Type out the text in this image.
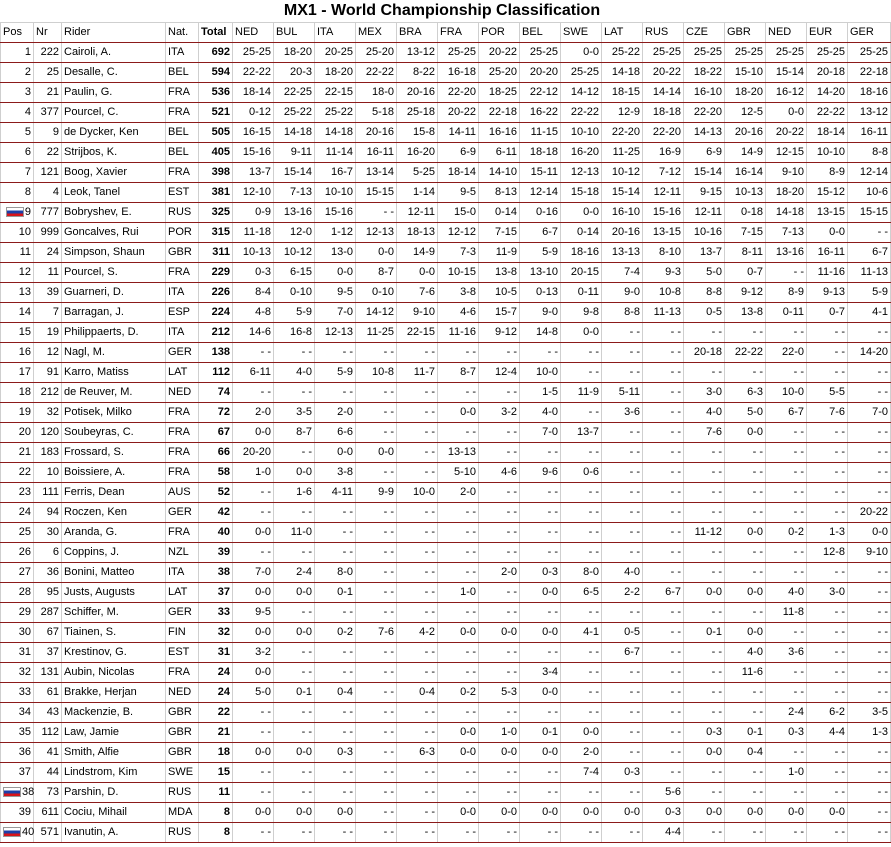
MX1 - World Championship Classification
Pos	Nr	Rider	Nat.	Total	NED	BUL	ITA	MEX	BRA	FRA	POR	BEL	SWE	LAT	RUS	CZE	GBR	NED	EUR	GER
1	222	Cairoli, A.	ITA	692	25-25	18-20	20-25	25-20	13-12	25-25	20-22	25-25	0-0	25-22	25-25	25-25	25-25	25-25	25-25	25-25
2	25	Desalle, C.	BEL	594	22-22	20-3	18-20	22-22	8-22	16-18	25-20	20-20	25-25	14-18	20-22	18-22	15-10	15-14	20-18	22-18
3	21	Paulin, G.	FRA	536	18-14	22-25	22-15	18-0	20-16	22-20	18-25	22-12	14-12	18-15	14-14	16-10	18-20	16-12	14-20	18-16
4	377	Pourcel, C.	FRA	521	0-12	25-22	25-22	5-18	25-18	20-22	22-18	16-22	22-22	12-9	18-18	22-20	12-5	0-0	22-22	13-12
5	9	de Dycker, Ken	BEL	505	16-15	14-18	14-18	20-16	15-8	14-11	16-16	11-15	10-10	22-20	22-20	14-13	20-16	20-22	18-14	16-11
6	22	Strijbos, K.	BEL	405	15-16	9-11	11-14	16-11	16-20	6-9	6-11	18-18	16-20	11-25	16-9	6-9	14-9	12-15	10-10	8-8
7	121	Boog, Xavier	FRA	398	13-7	15-14	16-7	13-14	5-25	18-14	14-10	15-11	12-13	10-12	7-12	15-14	16-14	9-10	8-9	12-14
8	4	Leok, Tanel	EST	381	12-10	7-13	10-10	15-15	1-14	9-5	8-13	12-14	15-18	15-14	12-11	9-15	10-13	18-20	15-12	10-6
9	777	Bobryshev, E.	RUS	325	0-9	13-16	15-16	- -	12-11	15-0	0-14	0-16	0-0	16-10	15-16	12-11	0-18	14-18	13-15	15-15
10	999	Goncalves, Rui	POR	315	11-18	12-0	1-12	12-13	18-13	12-12	7-15	6-7	0-14	20-16	13-15	10-16	7-15	7-13	0-0	- -
11	24	Simpson, Shaun	GBR	311	10-13	10-12	13-0	0-0	14-9	7-3	11-9	5-9	18-16	13-13	8-10	13-7	8-11	13-16	16-11	6-7
12	11	Pourcel, S.	FRA	229	0-3	6-15	0-0	8-7	0-0	10-15	13-8	13-10	20-15	7-4	9-3	5-0	0-7	- -	11-16	11-13
13	39	Guarneri, D.	ITA	226	8-4	0-10	9-5	0-10	7-6	3-8	10-5	0-13	0-11	9-0	10-8	8-8	9-12	8-9	9-13	5-9
14	7	Barragan, J.	ESP	224	4-8	5-9	7-0	14-12	9-10	4-6	15-7	9-0	9-8	8-8	11-13	0-5	13-8	0-11	0-7	4-1
15	19	Philippaerts, D.	ITA	212	14-6	16-8	12-13	11-25	22-15	11-16	9-12	14-8	0-0	- -	- -	- -	- -	- -	- -	- -
16	12	Nagl, M.	GER	138	- -	- -	- -	- -	- -	- -	- -	- -	- -	- -	- -	20-18	22-22	22-0	- -	14-20
17	91	Karro, Matiss	LAT	112	6-11	4-0	5-9	10-8	11-7	8-7	12-4	10-0	- -	- -	- -	- -	- -	- -	- -	- -
18	212	de Reuver, M.	NED	74	- -	- -	- -	- -	- -	- -	- -	1-5	11-9	5-11	- -	3-0	6-3	10-0	5-5	- -
19	32	Potisek, Milko	FRA	72	2-0	3-5	2-0	- -	- -	0-0	3-2	4-0	- -	3-6	- -	4-0	5-0	6-7	7-6	7-0
20	120	Soubeyras, C.	FRA	67	0-0	8-7	6-6	- -	- -	- -	- -	7-0	13-7	- -	- -	7-6	0-0	- -	- -	- -
21	183	Frossard, S.	FRA	66	20-20	- -	0-0	0-0	- -	13-13	- -	- -	- -	- -	- -	- -	- -	- -	- -	- -
22	10	Boissiere, A.	FRA	58	1-0	0-0	3-8	- -	- -	5-10	4-6	9-6	0-6	- -	- -	- -	- -	- -	- -	- -
23	111	Ferris, Dean	AUS	52	- -	1-6	4-11	9-9	10-0	2-0	- -	- -	- -	- -	- -	- -	- -	- -	- -	- -
24	94	Roczen, Ken	GER	42	- -	- -	- -	- -	- -	- -	- -	- -	- -	- -	- -	- -	- -	- -	- -	20-22
25	30	Aranda, G.	FRA	40	0-0	11-0	- -	- -	- -	- -	- -	- -	- -	- -	- -	11-12	0-0	0-2	1-3	0-0
26	6	Coppins, J.	NZL	39	- -	- -	- -	- -	- -	- -	- -	- -	- -	- -	- -	- -	- -	- -	12-8	9-10
27	36	Bonini, Matteo	ITA	38	7-0	2-4	8-0	- -	- -	- -	2-0	0-3	8-0	4-0	- -	- -	- -	- -	- -	- -
28	95	Justs, Augusts	LAT	37	0-0	0-0	0-1	- -	- -	1-0	- -	0-0	6-5	2-2	6-7	0-0	0-0	4-0	3-0	- -
29	287	Schiffer, M.	GER	33	9-5	- -	- -	- -	- -	- -	- -	- -	- -	- -	- -	- -	- -	11-8	- -	- -
30	67	Tiainen, S.	FIN	32	0-0	0-0	0-2	7-6	4-2	0-0	0-0	0-0	4-1	0-5	- -	0-1	0-0	- -	- -	- -
31	37	Krestinov, G.	EST	31	3-2	- -	- -	- -	- -	- -	- -	- -	- -	6-7	- -	- -	4-0	3-6	- -	- -
32	131	Aubin, Nicolas	FRA	24	0-0	- -	- -	- -	- -	- -	- -	3-4	- -	- -	- -	- -	11-6	- -	- -	- -
33	61	Brakke, Herjan	NED	24	5-0	0-1	0-4	- -	0-4	0-2	5-3	0-0	- -	- -	- -	- -	- -	- -	- -	- -
34	43	Mackenzie, B.	GBR	22	- -	- -	- -	- -	- -	- -	- -	- -	- -	- -	- -	- -	- -	2-4	6-2	3-5
35	112	Law, Jamie	GBR	21	- -	- -	- -	- -	- -	0-0	1-0	0-1	0-0	- -	- -	0-3	0-1	0-3	4-4	1-3
36	41	Smith, Alfie	GBR	18	0-0	0-0	0-3	- -	6-3	0-0	0-0	0-0	2-0	- -	- -	0-0	0-4	- -	- -	- -
37	44	Lindstrom, Kim	SWE	15	- -	- -	- -	- -	- -	- -	- -	- -	7-4	0-3	- -	- -	- -	1-0	- -	- -
38	73	Parshin, D.	RUS	11	- -	- -	- -	- -	- -	- -	- -	- -	- -	- -	5-6	- -	- -	- -	- -	- -
39	611	Cociu, Mihail	MDA	8	0-0	0-0	0-0	- -	- -	0-0	0-0	0-0	0-0	0-0	0-3	0-0	0-0	0-0	0-0	- -
40	571	Ivanutin, A.	RUS	8	- -	- -	- -	- -	- -	- -	- -	- -	- -	- -	4-4	- -	- -	- -	- -	- -
